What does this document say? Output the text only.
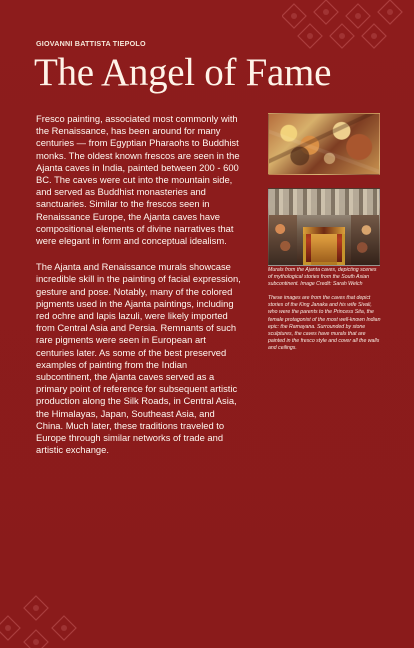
GIOVANNI BATTISTA TIEPOLO
The Angel of Fame

Fresco painting, associated most commonly with the Renaissance, has been around for many centuries — from Egyptian Pharaohs to Buddhist monks. The oldest known frescos are seen in the Ajanta caves in India, painted between 200 - 600 BC. The caves were cut into the mountain side, and served as Buddhist monasteries and sanctuaries. Similar to the frescos seen in Renaissance Europe, the Ajanta caves have compositional elements of divine narratives that were elegant in form and conceptual idealism.

The Ajanta and Renaissance murals showcase incredible skill in the painting of facial expression, gesture and pose. Notably, many of the colored pigments used in the Ajanta paintings, including red ochre and lapis lazuli, were likely imported from Central Asia and Persia. Remnants of such rare pigments were seen in European art centuries later. As some of the best preserved examples of painting from the Indian subcontinent, the Ajanta caves served as a primary point of reference for subsequent artistic production along the Silk Roads, in Central Asia, the Himalayas, Japan, Southeast Asia, and China. Much later, these traditions traveled to Europe through similar networks of trade and artistic exchange.

Murals from the Ajanta caves, depicting scenes of mythological stories from the South Asian subcontinent. Image Credit: Sarah Welch

These images are from the caves that depict stories of the King Janaka and his wife Sivali, who were the parents to the Princess Sita, the female protagonist of the most well-known Indian epic: the Ramayana. Surrounded by stone sculptures, the caves have murals that are painted in the fresco style and cover all the walls and ceilings.
